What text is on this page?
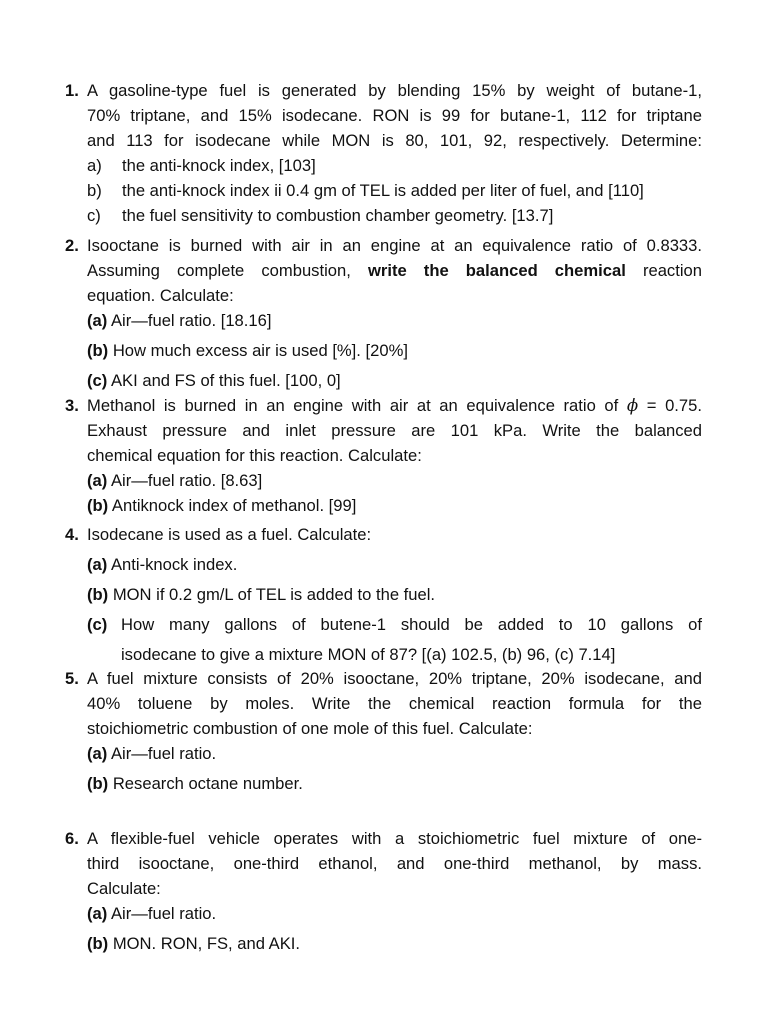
1. A gasoline-type fuel is generated by blending 15% by weight of butane-1,
70% triptane, and 15% isodecane. RON is 99 for butane-1, 112 for triptane
and 113 for isodecane while MON is 80, 101, 92, respectively. Determine:
a) the anti-knock index, [103]
b) the anti-knock index ii 0.4 gm of TEL is added per liter of fuel, and [110]
c) the fuel sensitivity to combustion chamber geometry. [13.7]
2. Isooctane is burned with air in an engine at an equivalence ratio of 0.8333.
Assuming complete combustion, write the balanced chemical reaction
equation. Calculate:
(a) Air—fuel ratio. [18.16]
(b) How much excess air is used [%]. [20%]
(c) AKI and FS of this fuel. [100, 0]
3. Methanol is burned in an engine with air at an equivalence ratio of ϕ = 0.75.
Exhaust pressure and inlet pressure are 101 kPa. Write the balanced
chemical equation for this reaction. Calculate:
(a) Air—fuel ratio. [8.63]
(b) Antiknock index of methanol. [99]
4. Isodecane is used as a fuel. Calculate:
(a) Anti-knock index.
(b) MON if 0.2 gm/L of TEL is added to the fuel.
(c) How many gallons of butene-1 should be added to 10 gallons of
isodecane to give a mixture MON of 87? [(a) 102.5, (b) 96, (c) 7.14]
5. A fuel mixture consists of 20% isooctane, 20% triptane, 20% isodecane, and
40% toluene by moles. Write the chemical reaction formula for the
stoichiometric combustion of one mole of this fuel. Calculate:
(a) Air—fuel ratio.
(b) Research octane number.
6. A flexible-fuel vehicle operates with a stoichiometric fuel mixture of one-
third isooctane, one-third ethanol, and one-third methanol, by mass.
Calculate:
(a) Air—fuel ratio.
(b) MON. RON, FS, and AKI.
